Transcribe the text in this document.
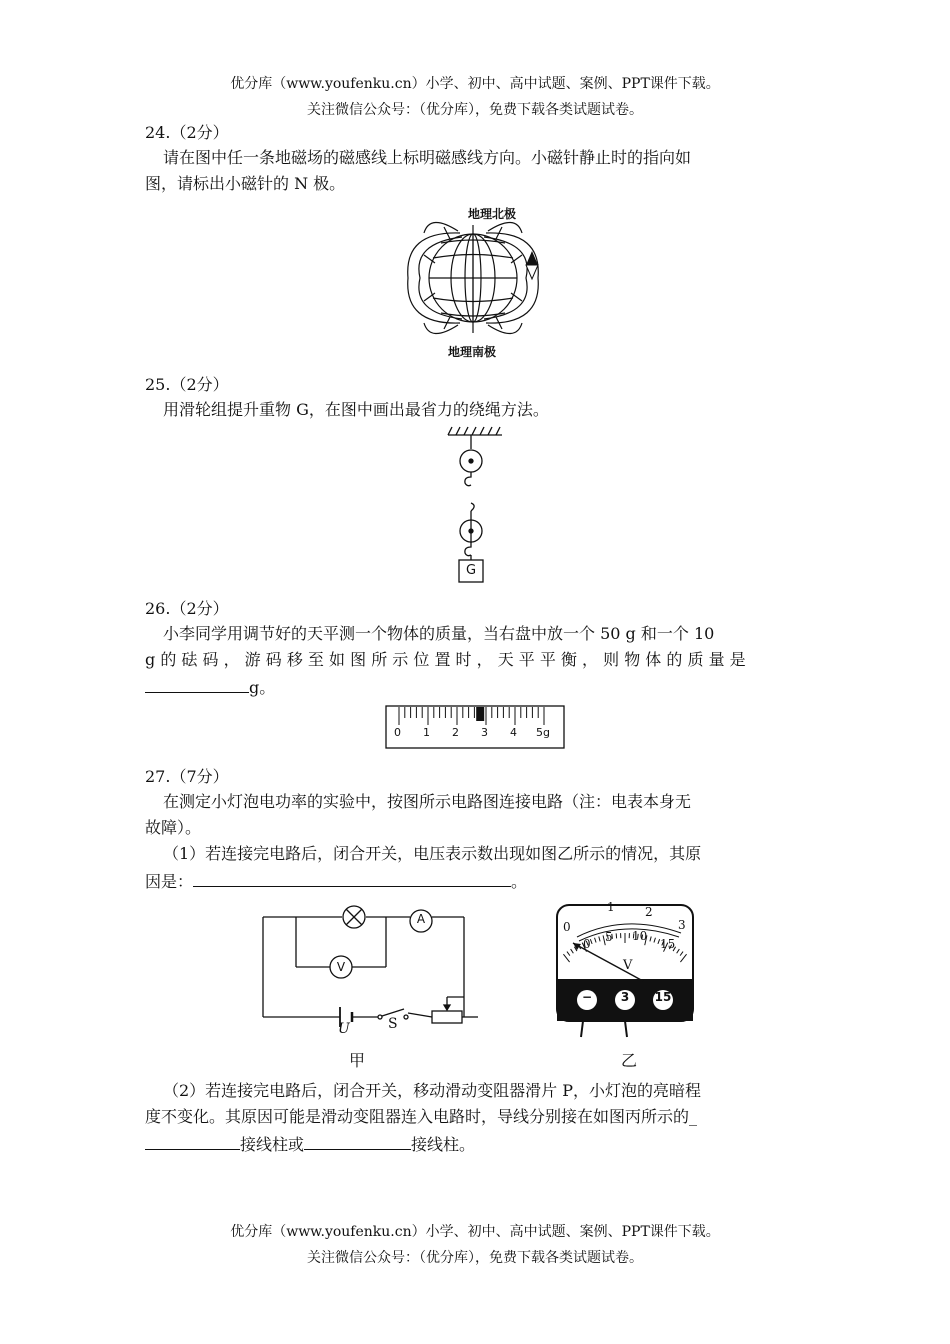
优分库（www.youfenku.cn）小学、初中、高中试题、案例、PPT课件下载。
关注微信公众号：（优分库），免费下载各类试题试卷。
24.（2分）
请在图中任一条地磁场的磁感线上标明磁感线方向。小磁针静止时的指向如
图，请标出小磁针的 N 极。
地理北极
地理南极
25.（2分）
用滑轮组提升重物 G，在图中画出最省力的绕绳方法。
G
26.（2分）
小李同学用调节好的天平测一个物体的质量，当右盘中放一个 50 g 和一个 10
g 的 砝 码 ， 游 码 移 至 如 图 所 示 位 置 时 ， 天 平 平 衡 ， 则 物 体 的 质 量 是
g。
0 1 2 3 4 5g
27.（7分）
在测定小灯泡电功率的实验中，按图所示电路图连接电路（注：电表本身无
故障）。
（1）若连接完电路后，闭合开关，电压表示数出现如图乙所示的情况，其原
因是：	。
A
V
U	S
甲
0
1	2
3
0 5 10
15
V
−	3	15
乙
（2）若连接完电路后，闭合开关，移动滑动变阻器滑片 P，小灯泡的亮暗程
度不变化。其原因可能是滑动变阻器连入电路时，导线分别接在如图丙所示的_
接线柱或	接线柱。
优分库（www.youfenku.cn）小学、初中、高中试题、案例、PPT课件下载。
关注微信公众号：（优分库），免费下载各类试题试卷。
